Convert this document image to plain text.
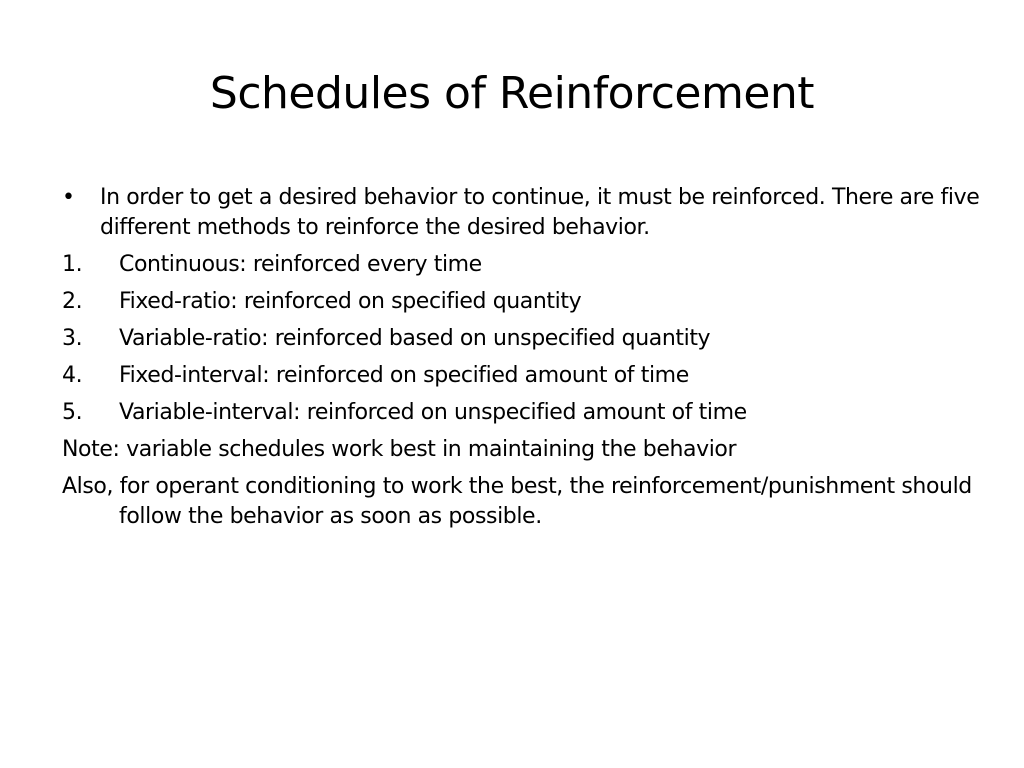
Schedules of Reinforcement
•	In order to get a desired behavior to continue, it must be reinforced. There are five different methods to reinforce the desired behavior.
1.	Continuous: reinforced every time
2.	Fixed-ratio: reinforced on specified quantity
3.	Variable-ratio: reinforced based on unspecified quantity
4.	Fixed-interval: reinforced on specified amount of time
5.	Variable-interval: reinforced on unspecified amount of time
Note: variable schedules work best in maintaining the behavior
Also, for operant conditioning to work the best, the reinforcement/punishment should follow the behavior as soon as possible.
